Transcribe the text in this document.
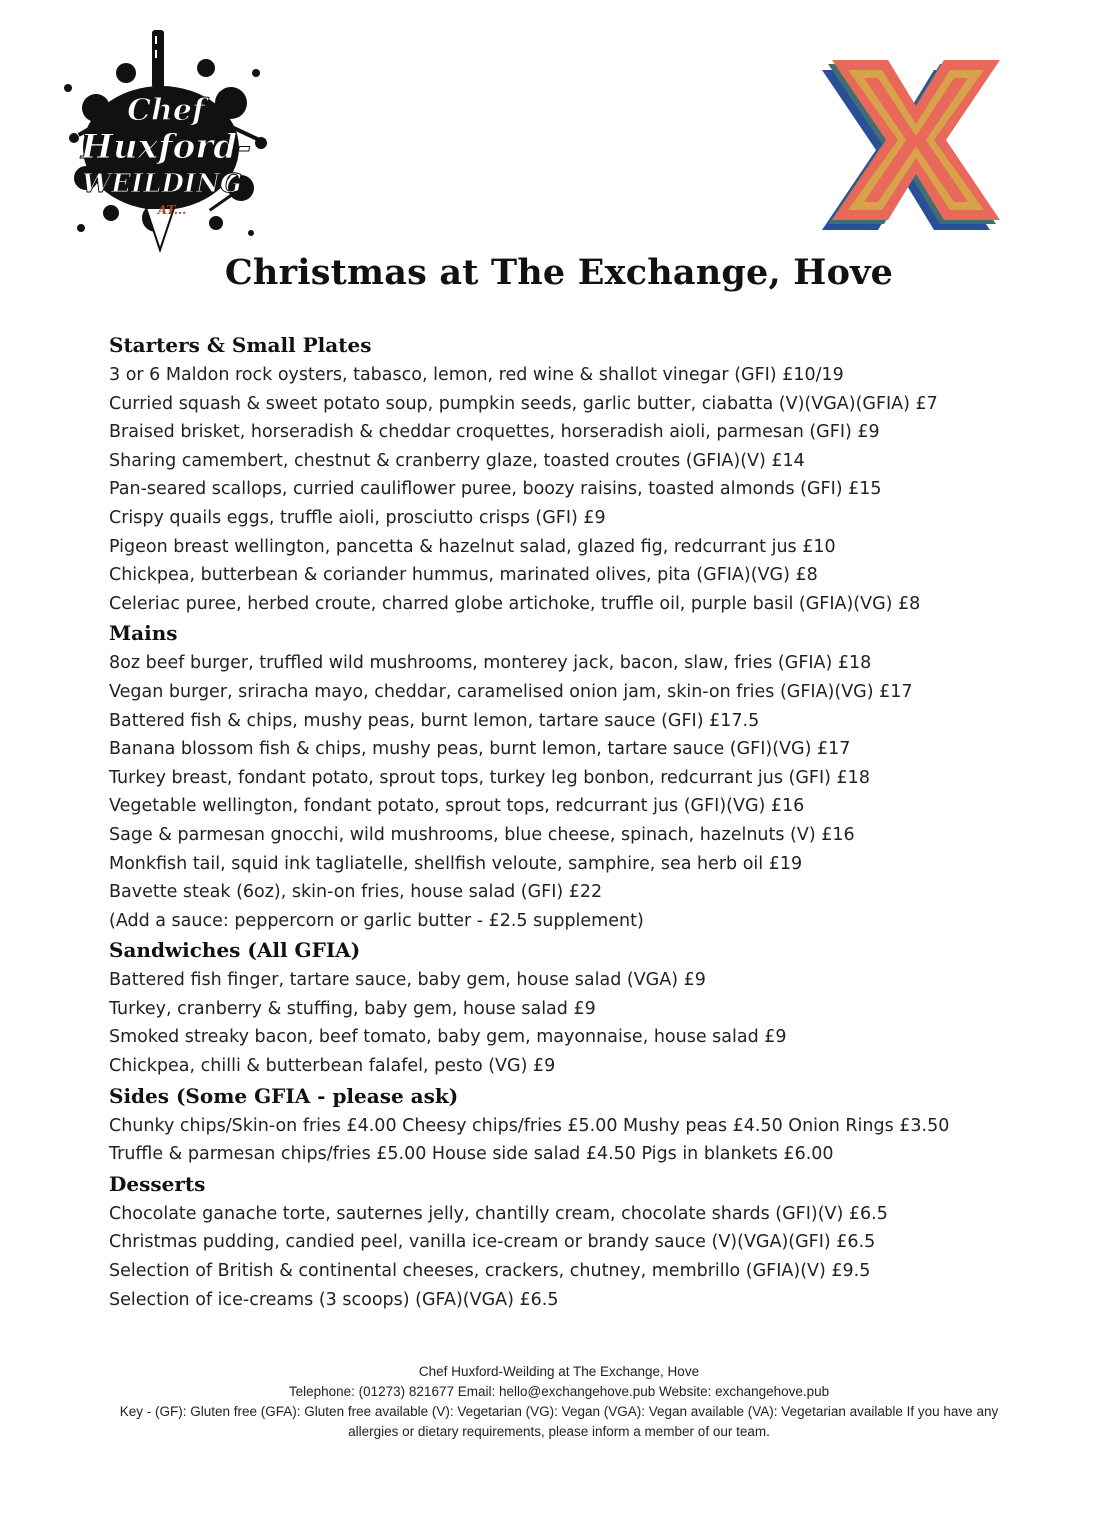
Chef
Huxford-
WEILDING
AT...
X
Christmas at The Exchange, Hove
Starters & Small Plates
3 or 6 Maldon rock oysters, tabasco, lemon, red wine & shallot vinegar (GFI) £10/19
Curried squash & sweet potato soup, pumpkin seeds, garlic butter, ciabatta (V)(VGA)(GFIA) £7
Braised brisket, horseradish & cheddar croquettes, horseradish aioli, parmesan (GFI) £9
Sharing camembert, chestnut & cranberry glaze, toasted croutes (GFIA)(V) £14
Pan-seared scallops, curried cauliflower puree, boozy raisins, toasted almonds (GFI) £15
Crispy quails eggs, truffle aioli, prosciutto crisps (GFI) £9
Pigeon breast wellington, pancetta & hazelnut salad, glazed fig, redcurrant jus £10
Chickpea, butterbean & coriander hummus, marinated olives, pita (GFIA)(VG) £8
Celeriac puree, herbed croute, charred globe artichoke, truffle oil, purple basil (GFIA)(VG) £8
Mains
8oz beef burger, truffled wild mushrooms, monterey jack, bacon, slaw, fries (GFIA) £18
Vegan burger, sriracha mayo, cheddar, caramelised onion jam, skin-on fries (GFIA)(VG) £17
Battered fish & chips, mushy peas, burnt lemon, tartare sauce (GFI) £17.5
Banana blossom fish & chips, mushy peas, burnt lemon, tartare sauce (GFI)(VG) £17
Turkey breast, fondant potato, sprout tops, turkey leg bonbon, redcurrant jus (GFI) £18
Vegetable wellington, fondant potato, sprout tops, redcurrant jus (GFI)(VG) £16
Sage & parmesan gnocchi, wild mushrooms, blue cheese, spinach, hazelnuts (V) £16
Monkfish tail, squid ink tagliatelle, shellfish veloute, samphire, sea herb oil £19
Bavette steak (6oz), skin-on fries, house salad (GFI) £22
(Add a sauce: peppercorn or garlic butter - £2.5 supplement)
Sandwiches (All GFIA)
Battered fish finger, tartare sauce, baby gem, house salad (VGA) £9
Turkey, cranberry & stuffing, baby gem, house salad £9
Smoked streaky bacon, beef tomato, baby gem, mayonnaise, house salad £9
Chickpea, chilli & butterbean falafel, pesto (VG) £9
Sides (Some GFIA - please ask)
Chunky chips/Skin-on fries £4.00 Cheesy chips/fries £5.00 Mushy peas £4.50 Onion Rings £3.50
Truffle & parmesan chips/fries £5.00 House side salad £4.50 Pigs in blankets £6.00
Desserts
Chocolate ganache torte, sauternes jelly, chantilly cream, chocolate shards (GFI)(V) £6.5
Christmas pudding, candied peel, vanilla ice-cream or brandy sauce (V)(VGA)(GFI) £6.5
Selection of British & continental cheeses, crackers, chutney, membrillo (GFIA)(V) £9.5
Selection of ice-creams (3 scoops) (GFA)(VGA) £6.5
Chef Huxford-Weilding at The Exchange, Hove
Telephone: (01273) 821677 Email: hello@exchangehove.pub Website: exchangehove.pub
Key - (GF): Gluten free (GFA): Gluten free available (V): Vegetarian (VG): Vegan (VGA): Vegan available (VA): Vegetarian available If you have any allergies or dietary requirements, please inform a member of our team.
